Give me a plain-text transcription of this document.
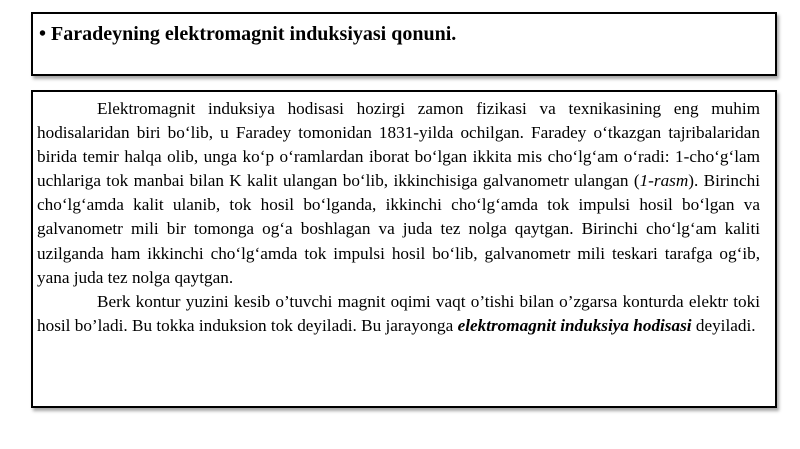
• Faradeyning elektromagnit induksiyasi qonuni.

Elektromagnit induksiya hodisasi hozirgi zamon fizikasi va texnikasining eng muhim hodisalaridan biri bo‘lib, u Faradey tomonidan 1831-yilda ochilgan. Faradey o‘tkazgan tajribalaridan birida temir halqa olib, unga ko‘p o‘ramlardan iborat bo‘lgan ikkita mis cho‘lg‘am o‘radi: 1-cho‘g‘lam uchlariga tok manbai bilan K kalit ulangan bo‘lib, ikkinchisiga galvanometr ulangan (1-rasm). Birinchi cho‘lg‘amda kalit ulanib, tok hosil bo‘lganda, ikkinchi cho‘lg‘amda tok impulsi hosil bo‘lgan va galvanometr mili bir tomonga og‘a boshlagan va juda tez nolga qaytgan. Birinchi cho‘lg‘am kaliti uzilganda ham ikkinchi cho‘lg‘amda tok impulsi hosil bo‘lib, galvanometr mili teskari tarafga og‘ib, yana juda tez nolga qaytgan.

Berk kontur yuzini kesib o’tuvchi magnit oqimi vaqt o’tishi bilan o’zgarsa konturda elektr toki hosil bo’ladi. Bu tokka induksion tok deyiladi. Bu jarayonga elektromagnit induksiya hodisasi deyiladi.
